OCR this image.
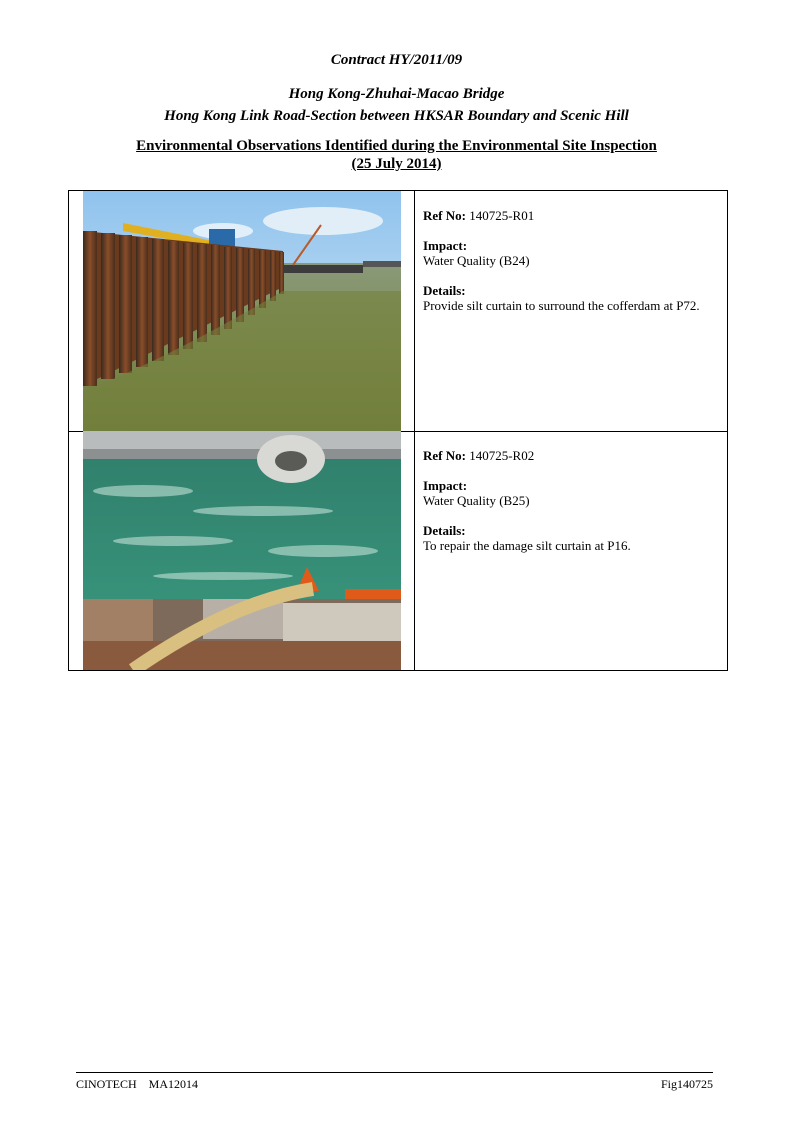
Contract HY/2011/09
Hong Kong-Zhuhai-Macao Bridge
Hong Kong Link Road-Section between HKSAR Boundary and Scenic Hill
Environmental Observations Identified during the Environmental Site Inspection
(25 July 2014)
Ref No: 140725-R01
Impact:
Water Quality (B24)
Details:
Provide silt curtain to surround the cofferdam at P72.
Ref No: 140725-R02
Impact:
Water Quality (B25)
Details:
To repair the damage silt curtain at P16.
CINOTECH    MA12014	Fig140725
